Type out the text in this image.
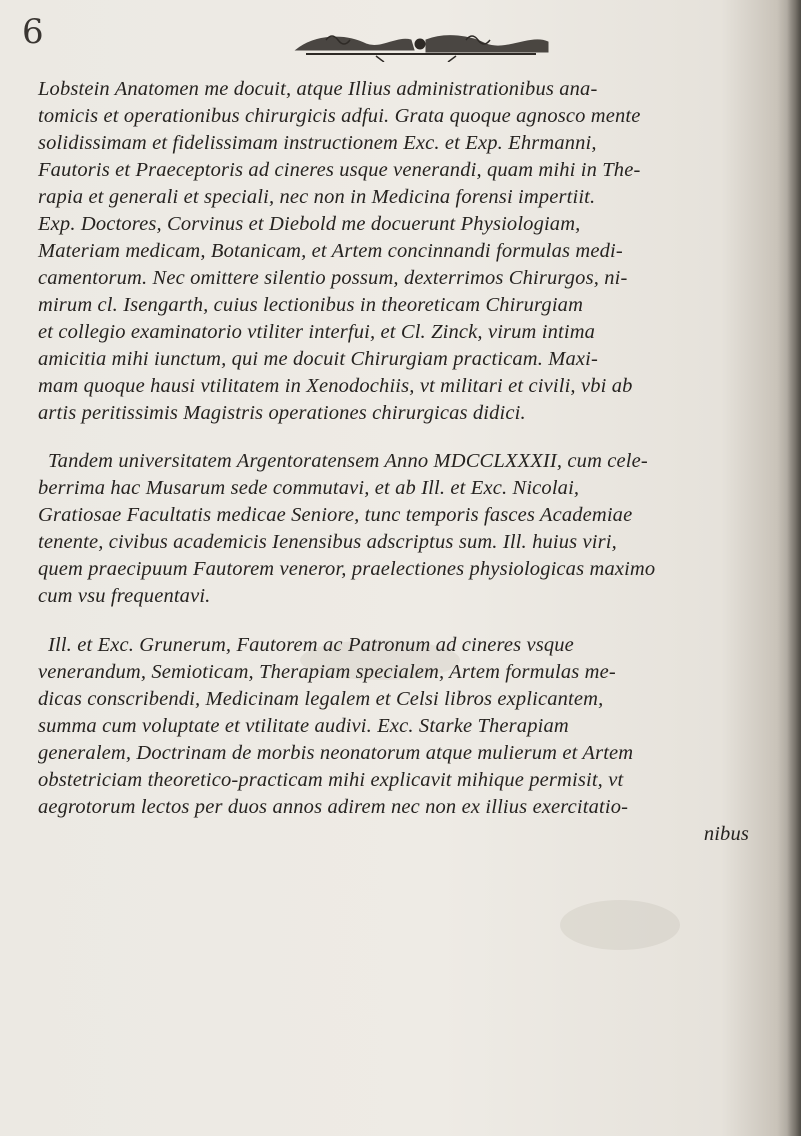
6
Lobstein Anatomen me docuit, atque Illius administrationibus ana-
tomicis et operationibus chirurgicis adfui. Grata quoque agnosco mente
solidissimam et fidelissimam instructionem Exc. et Exp. Ehrmanni,
Fautoris et Praeceptoris ad cineres usque venerandi, quam mihi in The-
rapia et generali et speciali, nec non in Medicina forensi impertiit.
Exp. Doctores, Corvinus et Diebold me docuerunt Physiologiam,
Materiam medicam, Botanicam, et Artem concinnandi formulas medi-
camentorum. Nec omittere silentio possum, dexterrimos Chirurgos, ni-
mirum cl. Isengarth, cuius lectionibus in theoreticam Chirurgiam
et collegio examinatorio vtiliter interfui, et Cl. Zinck, virum intima
amicitia mihi iunctum, qui me docuit Chirurgiam practicam. Maxi-
mam quoque hausi vtilitatem in Xenodochiis, vt militari et civili, vbi ab
artis peritissimis Magistris operationes chirurgicas didici.
Tandem universitatem Argentoratensem Anno MDCCLXXXII, cum cele-
berrima hac Musarum sede commutavi, et ab Ill. et Exc. Nicolai,
Gratiosae Facultatis medicae Seniore, tunc temporis fasces Academiae
tenente, civibus academicis Ienensibus adscriptus sum. Ill. huius viri,
quem praecipuum Fautorem veneror, praelectiones physiologicas maximo
cum vsu frequentavi.
Ill. et Exc. Grunerum, Fautorem ac Patronum ad cineres vsque
venerandum, Semioticam, Therapiam specialem, Artem formulas me-
dicas conscribendi, Medicinam legalem et Celsi libros explicantem,
summa cum voluptate et vtilitate audivi. Exc. Starke Therapiam
generalem, Doctrinam de morbis neonatorum atque mulierum et Artem
obstetriciam theoretico-practicam mihi explicavit mihique permisit, vt
aegrotorum lectos per duos annos adirem nec non ex illius exercitatio-
nibus
